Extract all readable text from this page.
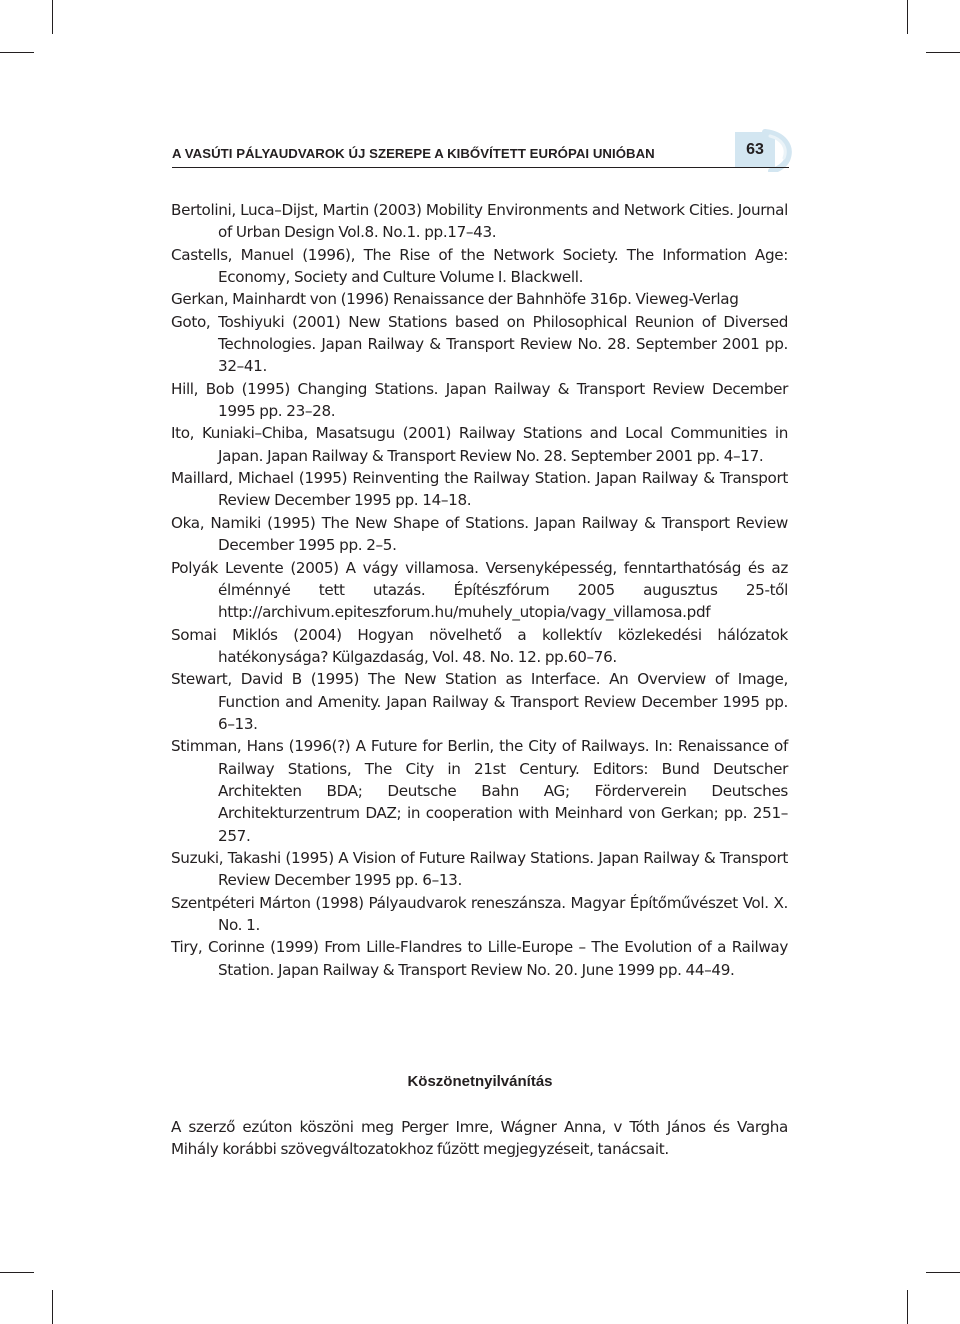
A VASÚTI PÁLYAUDVAROK ÚJ SZEREPE A KIBŐVÍTETT EURÓPAI UNIÓBAN	63

Bertolini, Luca–Dijst, Martin (2003) Mobility Environments and Network Cities. Journal of Urban Design Vol.8. No.1. pp.17–43.

Castells, Manuel (1996), The Rise of the Network Society. The Information Age: Economy, Society and Culture Volume I. Blackwell.

Gerkan, Mainhardt von (1996) Renaissance der Bahnhöfe 316p. Vieweg-Verlag

Goto, Toshiyuki (2001) New Stations based on Philosophical Reunion of Diversed Technologies. Japan Railway & Transport Review No. 28. September 2001 pp. 32–41.

Hill, Bob (1995) Changing Stations. Japan Railway & Transport Review December 1995 pp. 23–28.

Ito, Kuniaki–Chiba, Masatsugu (2001) Railway Stations and Local Communities in Japan. Japan Railway & Transport Review No. 28. September 2001 pp. 4–17.

Maillard, Michael (1995) Reinventing the Railway Station. Japan Railway & Transport Review December 1995 pp. 14–18.

Oka, Namiki (1995) The New Shape of Stations. Japan Railway & Transport Review December 1995 pp. 2–5.

Polyák Levente (2005) A vágy villamosa. Versenyképesség, fenntarthatóság és az élménnyé tett utazás. Építészfórum 2005 augusztus 25-től http://archivum.epiteszforum.hu/muhely_utopia/vagy_villamosa.pdf

Somai Miklós (2004) Hogyan növelhető a kollektív közlekedési hálózatok hatékonysága? Külgazdaság, Vol. 48. No. 12. pp.60–76.

Stewart, David B (1995) The New Station as Interface. An Overview of Image, Function and Amenity. Japan Railway & Transport Review December 1995 pp. 6–13.

Stimman, Hans (1996(?) A Future for Berlin, the City of Railways. In: Renaissance of Railway Stations, The City in 21st Century. Editors: Bund Deutscher Architekten BDA; Deutsche Bahn AG; Förderverein Deutsches Architekturzentrum DAZ; in cooperation with Meinhard von Gerkan; pp. 251–257.

Suzuki, Takashi (1995) A Vision of Future Railway Stations. Japan Railway & Transport Review December 1995 pp. 6–13.

Szentpéteri Márton (1998) Pályaudvarok reneszánsza. Magyar Építőművészet Vol. X. No. 1.

Tiry, Corinne (1999) From Lille-Flandres to Lille-Europe – The Evolution of a Railway Station. Japan Railway & Transport Review No. 20. June 1999 pp. 44–49.

Köszönetnyilvánítás

A szerző ezúton köszöni meg Perger Imre, Wágner Anna, v Tóth János és Vargha Mihály korábbi szövegváltozatokhoz fűzött megjegyzéseit, tanácsait.
